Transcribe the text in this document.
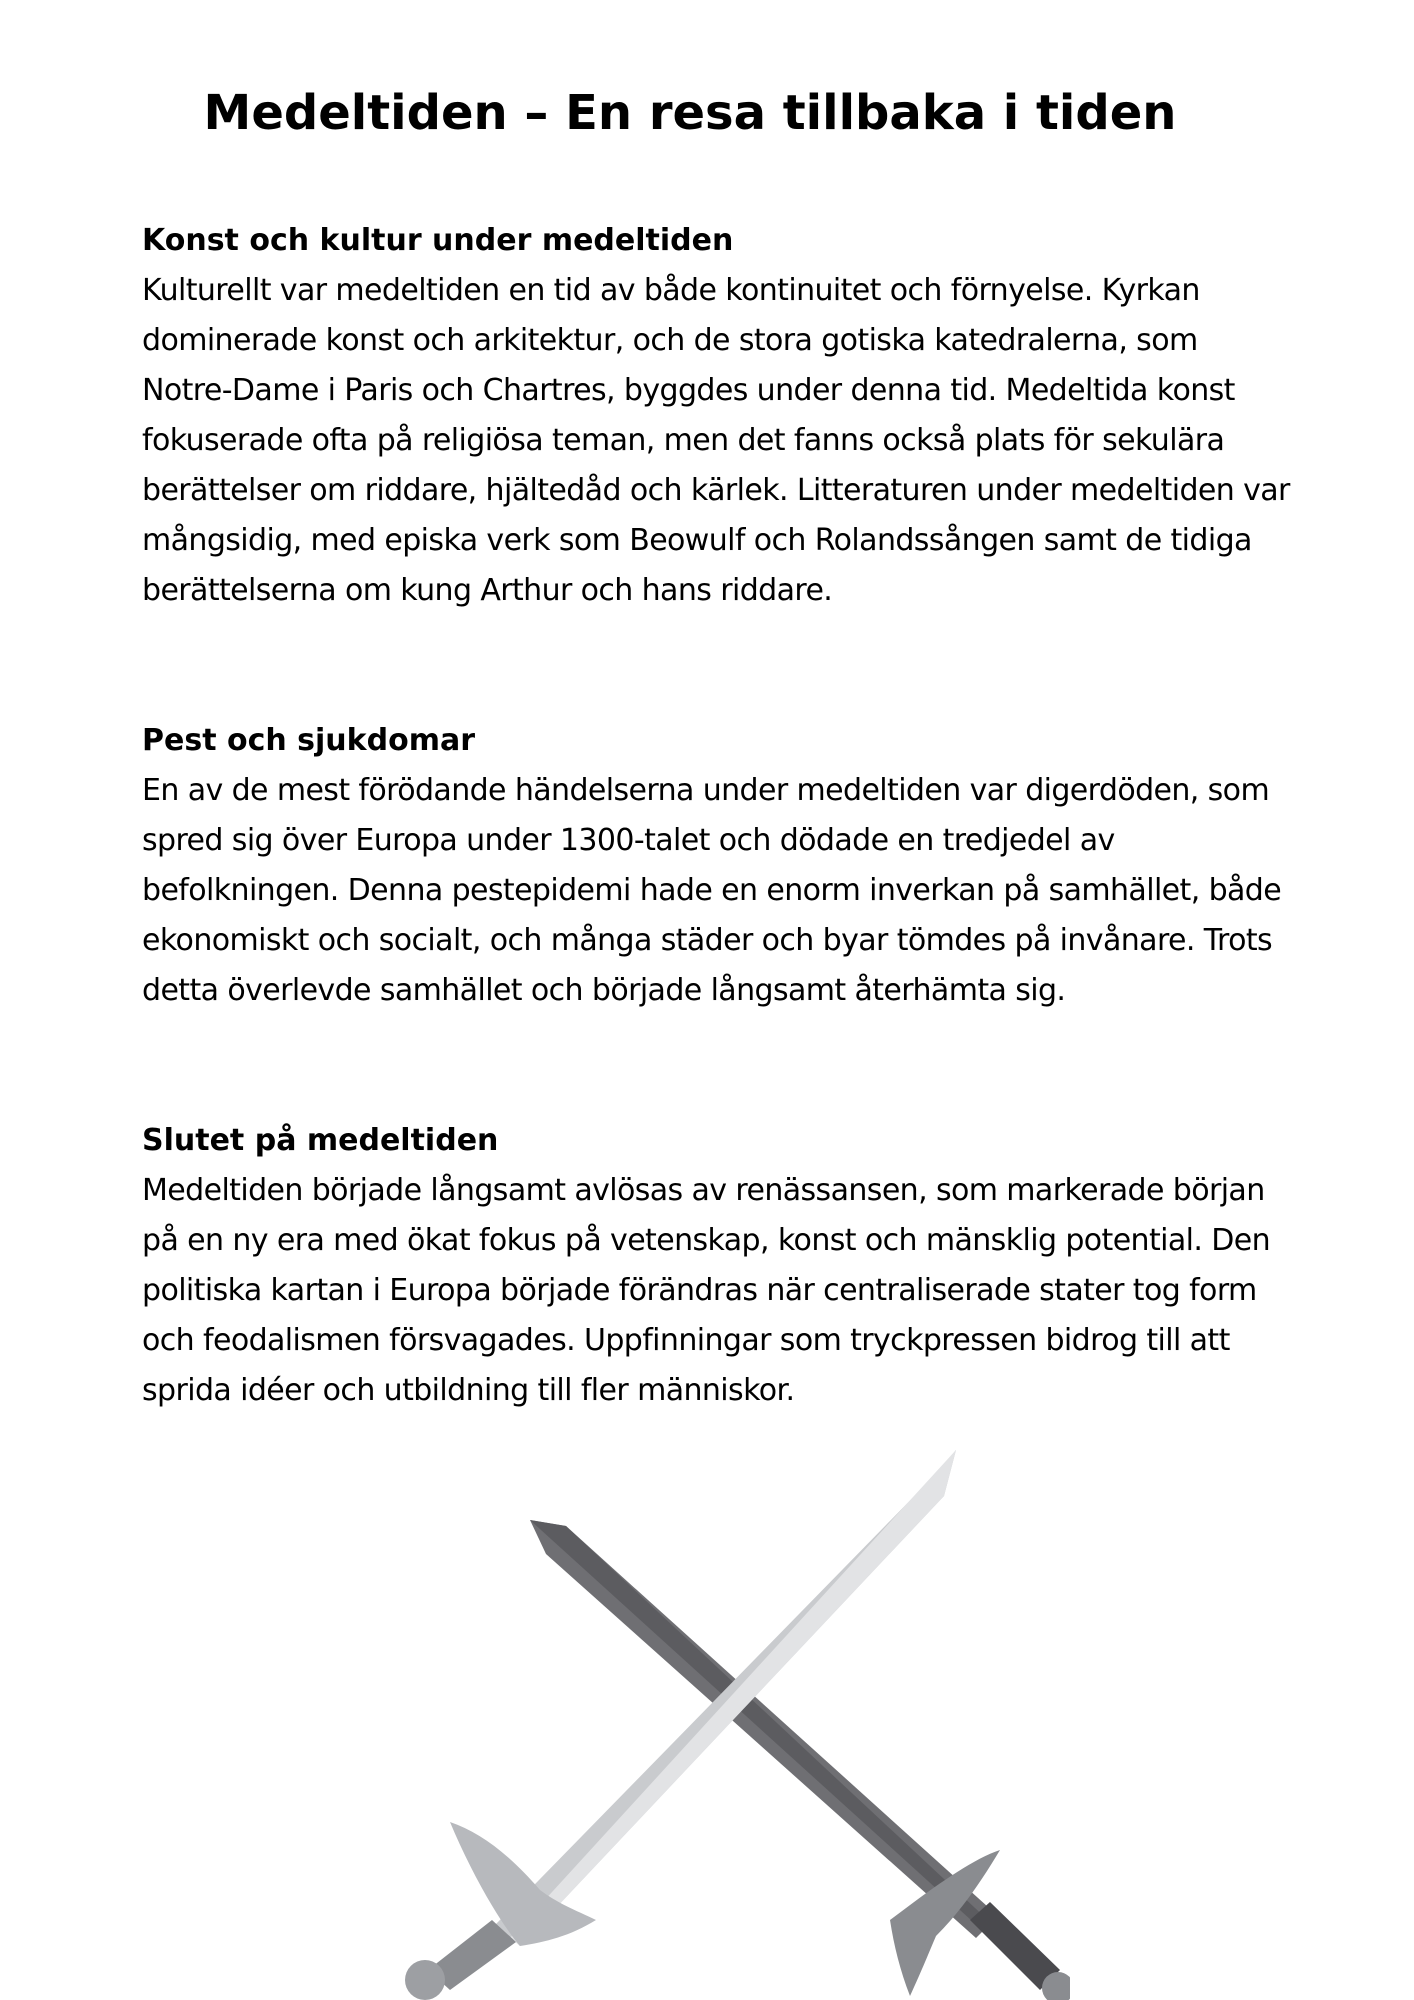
Medeltiden – En resa tillbaka i tiden
Konst och kultur under medeltiden

Kulturellt var medeltiden en tid av både kontinuitet och förnyelse. Kyrkan dominerade konst och arkitektur, och de stora gotiska katedralerna, som Notre-Dame i Paris och Chartres, byggdes under denna tid. Medeltida konst fokuserade ofta på religiösa teman, men det fanns också plats för sekulära berättelser om riddare, hjältedåd och kärlek. Litteraturen under medeltiden var mångsidig, med episka verk som Beowulf och Rolandssången samt de tidiga berättelserna om kung Arthur och hans riddare.

Pest och sjukdomar

En av de mest förödande händelserna under medeltiden var digerdöden, som spred sig över Europa under 1300-talet och dödade en tredjedel av befolkningen. Denna pestepidemi hade en enorm inverkan på samhället, både ekonomiskt och socialt, och många städer och byar tömdes på invånare. Trots detta överlevde samhället och började långsamt återhämta sig.

Slutet på medeltiden

Medeltiden började långsamt avlösas av renässansen, som markerade början på en ny era med ökat fokus på vetenskap, konst och mänsklig potential. Den politiska kartan i Europa började förändras när centraliserade stater tog form och feodalismen försvagades. Uppfinningar som tryckpressen bidrog till att sprida idéer och utbildning till fler människor.
